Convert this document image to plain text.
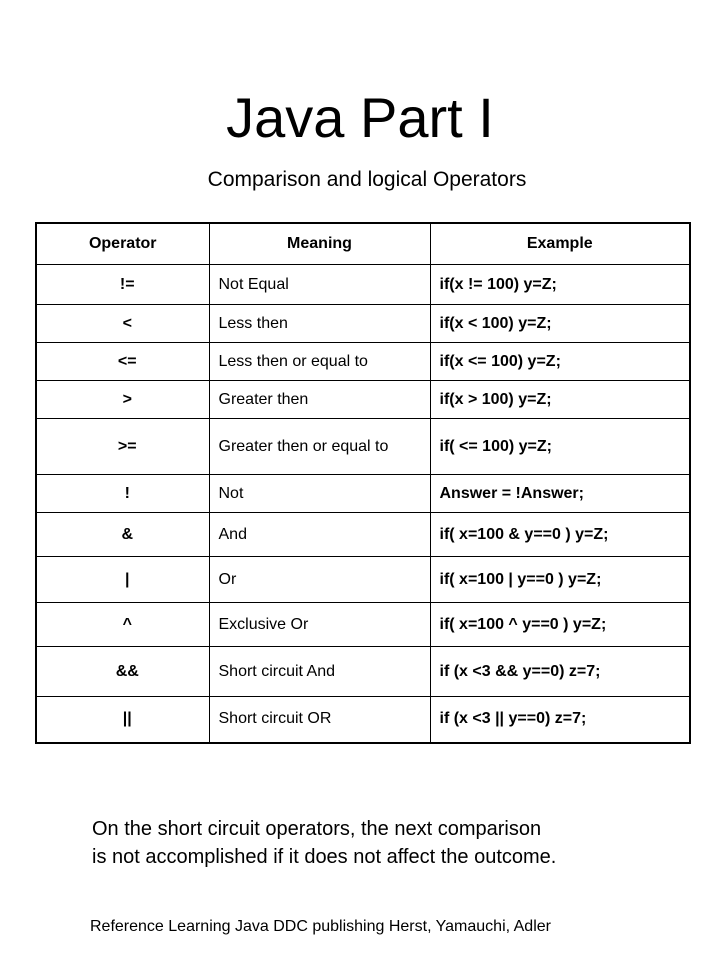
Java Part I
Comparison and logical Operators
Operator	Meaning	Example
!=	Not Equal	if(x != 100) y=Z;
<	Less then	if(x < 100) y=Z;
<=	Less then or equal to	if(x <= 100) y=Z;
>	Greater then	if(x > 100) y=Z;
>=	Greater then or equal to	if( <= 100) y=Z;
!	Not	Answer = !Answer;
&	And	if( x=100 & y==0 ) y=Z;
|	Or	if( x=100 | y==0 ) y=Z;
^	Exclusive Or	if( x=100 ^ y==0 ) y=Z;
&&	Short circuit And	if (x <3 && y==0) z=7;
||	Short circuit OR	if (x <3 || y==0) z=7;
On the short circuit operators, the next comparison
is not accomplished if it does not affect the outcome.
Reference Learning Java DDC publishing Herst, Yamauchi, Adler
